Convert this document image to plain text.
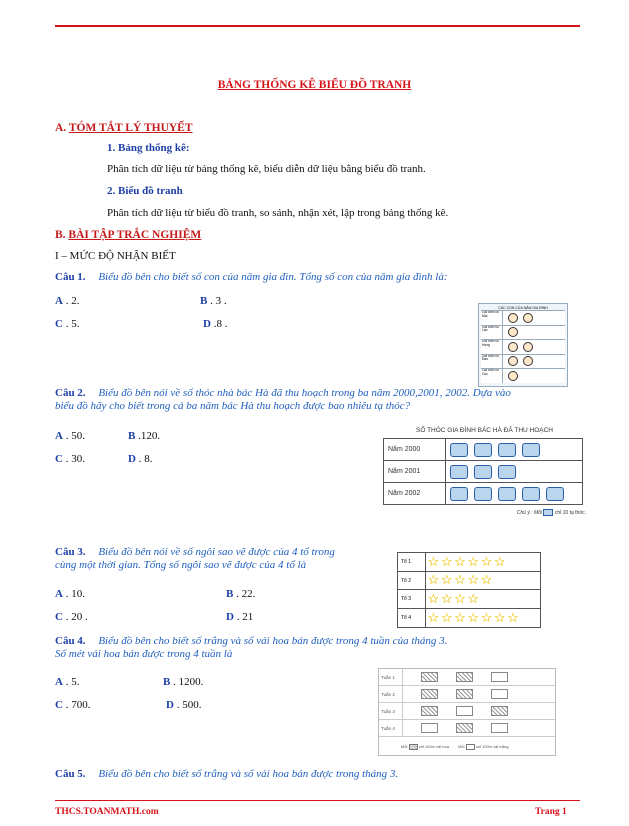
BẢNG THỐNG KÊ BIỂU ĐỒ TRANH
A. TÓM TẮT LÝ THUYẾT
1. Bảng thống kê:
Phân tích dữ liệu từ bảng thống kê, biểu diễn dữ liệu bằng biểu đồ tranh.
2. Biểu đồ tranh
Phân tích dữ liệu từ biểu đồ tranh, so sánh, nhận xét, lập trong bảng thống kê.
B. BÀI TẬP TRẮC NGHIỆM
I – MỨC ĐỘ NHẬN BIẾT
Câu 1. Biểu đồ bên cho biết số con của năm gia đìn. Tổng số con của năm gia đình là:
A . 2.	B . 3 .
C . 5.	D .8 .
CÁC CON CỦA NĂM GIA ĐÌNH
Gia đình cô Mai
Gia đình cô Lan
Gia đình cô Hồng
Gia đình cô Đào
Gia đình cô Cúc
Câu 2. Biểu đồ bên nói về số thóc nhà bác Hà đã thu hoạch trong ba năm 2000,2001, 2002. Dựa vào
biểu đồ hãy cho biết trong cả ba năm bác Hà thu hoạch được bao nhiêu tạ thóc?
A . 50.	B .120.
C . 30.	D . 8.
SỐ THÓC GIA ĐÌNH BÁC HÀ ĐÃ THU HOẠCH
Năm 2000	
Năm 2001	
Năm 2002	
Chú ý : Mỗi	chỉ 10 tạ thóc.
Câu 3. Biểu đồ bên nói về số ngôi sao vẽ được của 4 tổ trong
cùng một thời gian. Tổng số ngôi sao vẽ được của 4 tổ là
A . 10.	B . 22.
C . 20 .	D . 21
Tổ 1	☆ ☆ ☆ ☆ ☆ ☆
Tổ 2	☆ ☆ ☆ ☆ ☆
Tổ 3	☆ ☆ ☆ ☆
Tổ 4	☆ ☆ ☆ ☆ ☆ ☆ ☆
Câu 4. Biểu đồ bên cho biết số trắng và số vải hoa bán được trong 4 tuần của tháng 3.
Số mét vải hoa bán được trong 4 tuần là
A . 5.	B . 1200.
C . 700.	D . 500.
Tuần 1
Tuần 2
Tuần 3
Tuần 4
Mỗi	chỉ 100m vải hoa Mỗi	chỉ 100m vải trắng
Câu 5. Biểu đồ bên cho biết số trắng và số vải hoa bán được trong tháng 3.
THCS.TOANMATH.com	Trang 1
